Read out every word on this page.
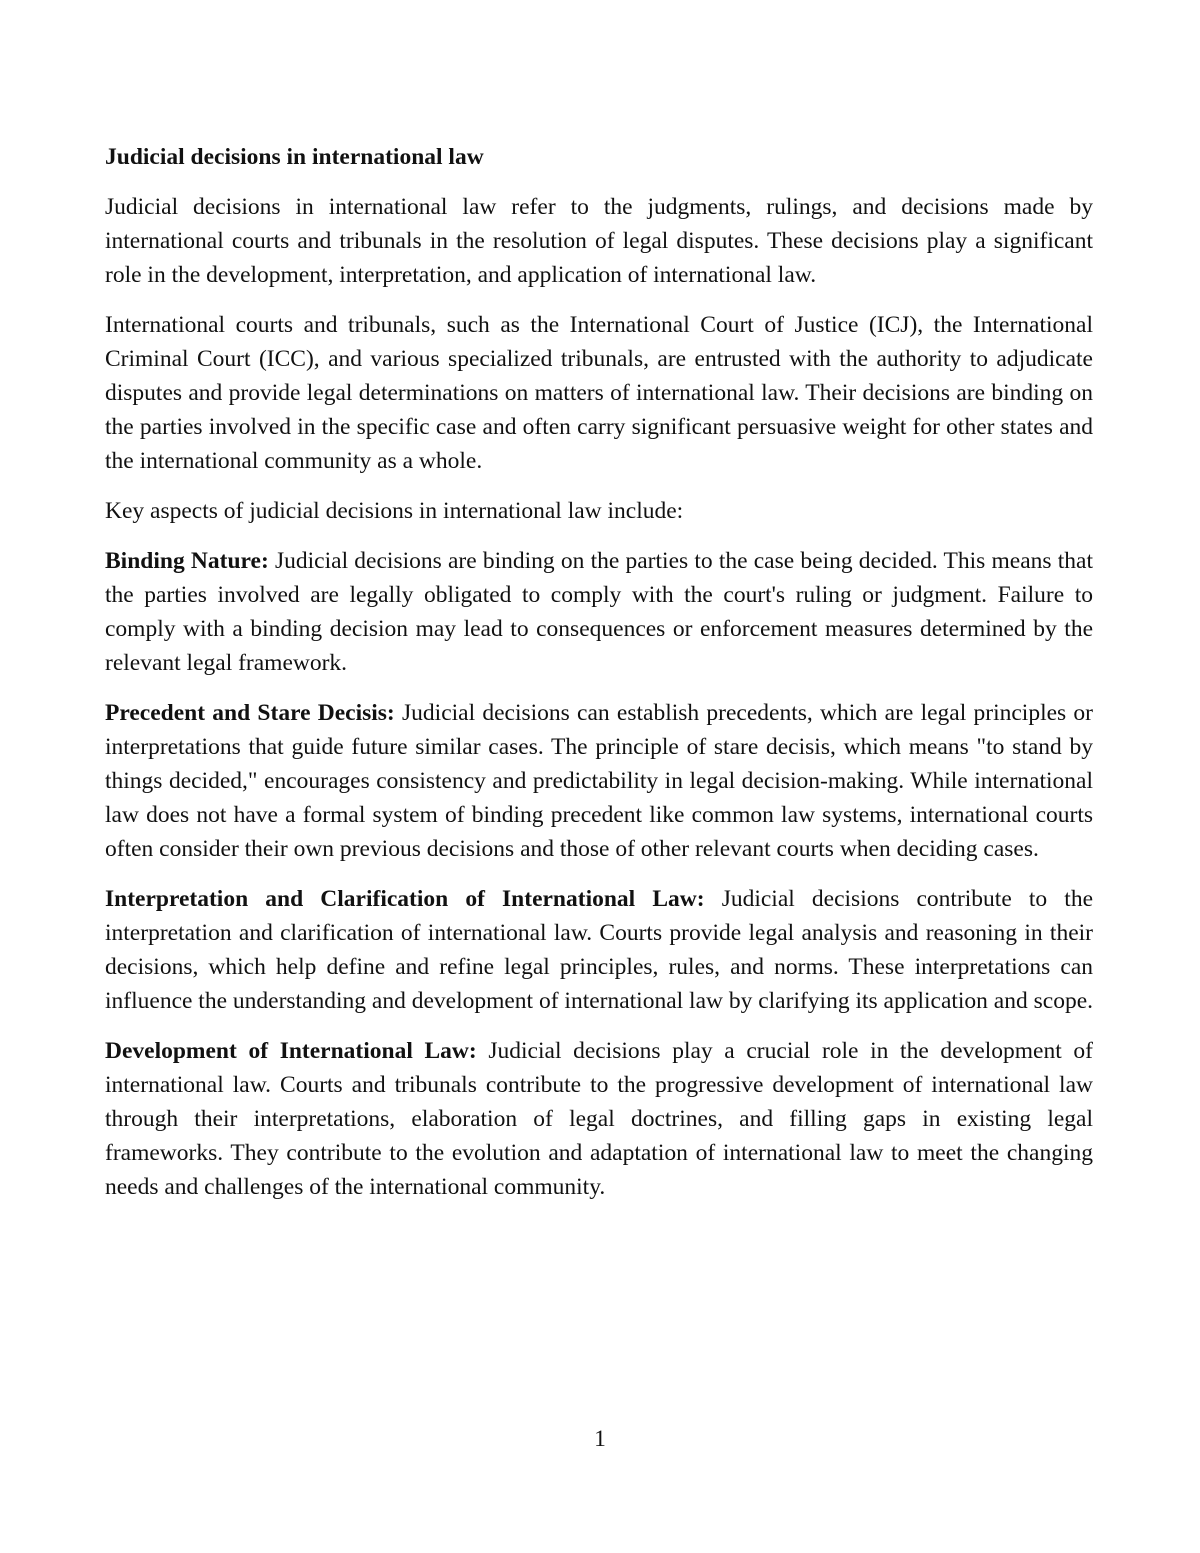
Judicial decisions in international law

Judicial decisions in international law refer to the judgments, rulings, and decisions made by international courts and tribunals in the resolution of legal disputes. These decisions play a significant role in the development, interpretation, and application of international law.

International courts and tribunals, such as the International Court of Justice (ICJ), the International Criminal Court (ICC), and various specialized tribunals, are entrusted with the authority to adjudicate disputes and provide legal determinations on matters of international law. Their decisions are binding on the parties involved in the specific case and often carry significant persuasive weight for other states and the international community as a whole.

Key aspects of judicial decisions in international law include:

Binding Nature: Judicial decisions are binding on the parties to the case being decided. This means that the parties involved are legally obligated to comply with the court's ruling or judgment. Failure to comply with a binding decision may lead to consequences or enforcement measures determined by the relevant legal framework.

Precedent and Stare Decisis: Judicial decisions can establish precedents, which are legal principles or interpretations that guide future similar cases. The principle of stare decisis, which means "to stand by things decided," encourages consistency and predictability in legal decision-making. While international law does not have a formal system of binding precedent like common law systems, international courts often consider their own previous decisions and those of other relevant courts when deciding cases.

Interpretation and Clarification of International Law: Judicial decisions contribute to the interpretation and clarification of international law. Courts provide legal analysis and reasoning in their decisions, which help define and refine legal principles, rules, and norms. These interpretations can influence the understanding and development of international law by clarifying its application and scope.

Development of International Law: Judicial decisions play a crucial role in the development of international law. Courts and tribunals contribute to the progressive development of international law through their interpretations, elaboration of legal doctrines, and filling gaps in existing legal frameworks. They contribute to the evolution and adaptation of international law to meet the changing needs and challenges of the international community.

1
